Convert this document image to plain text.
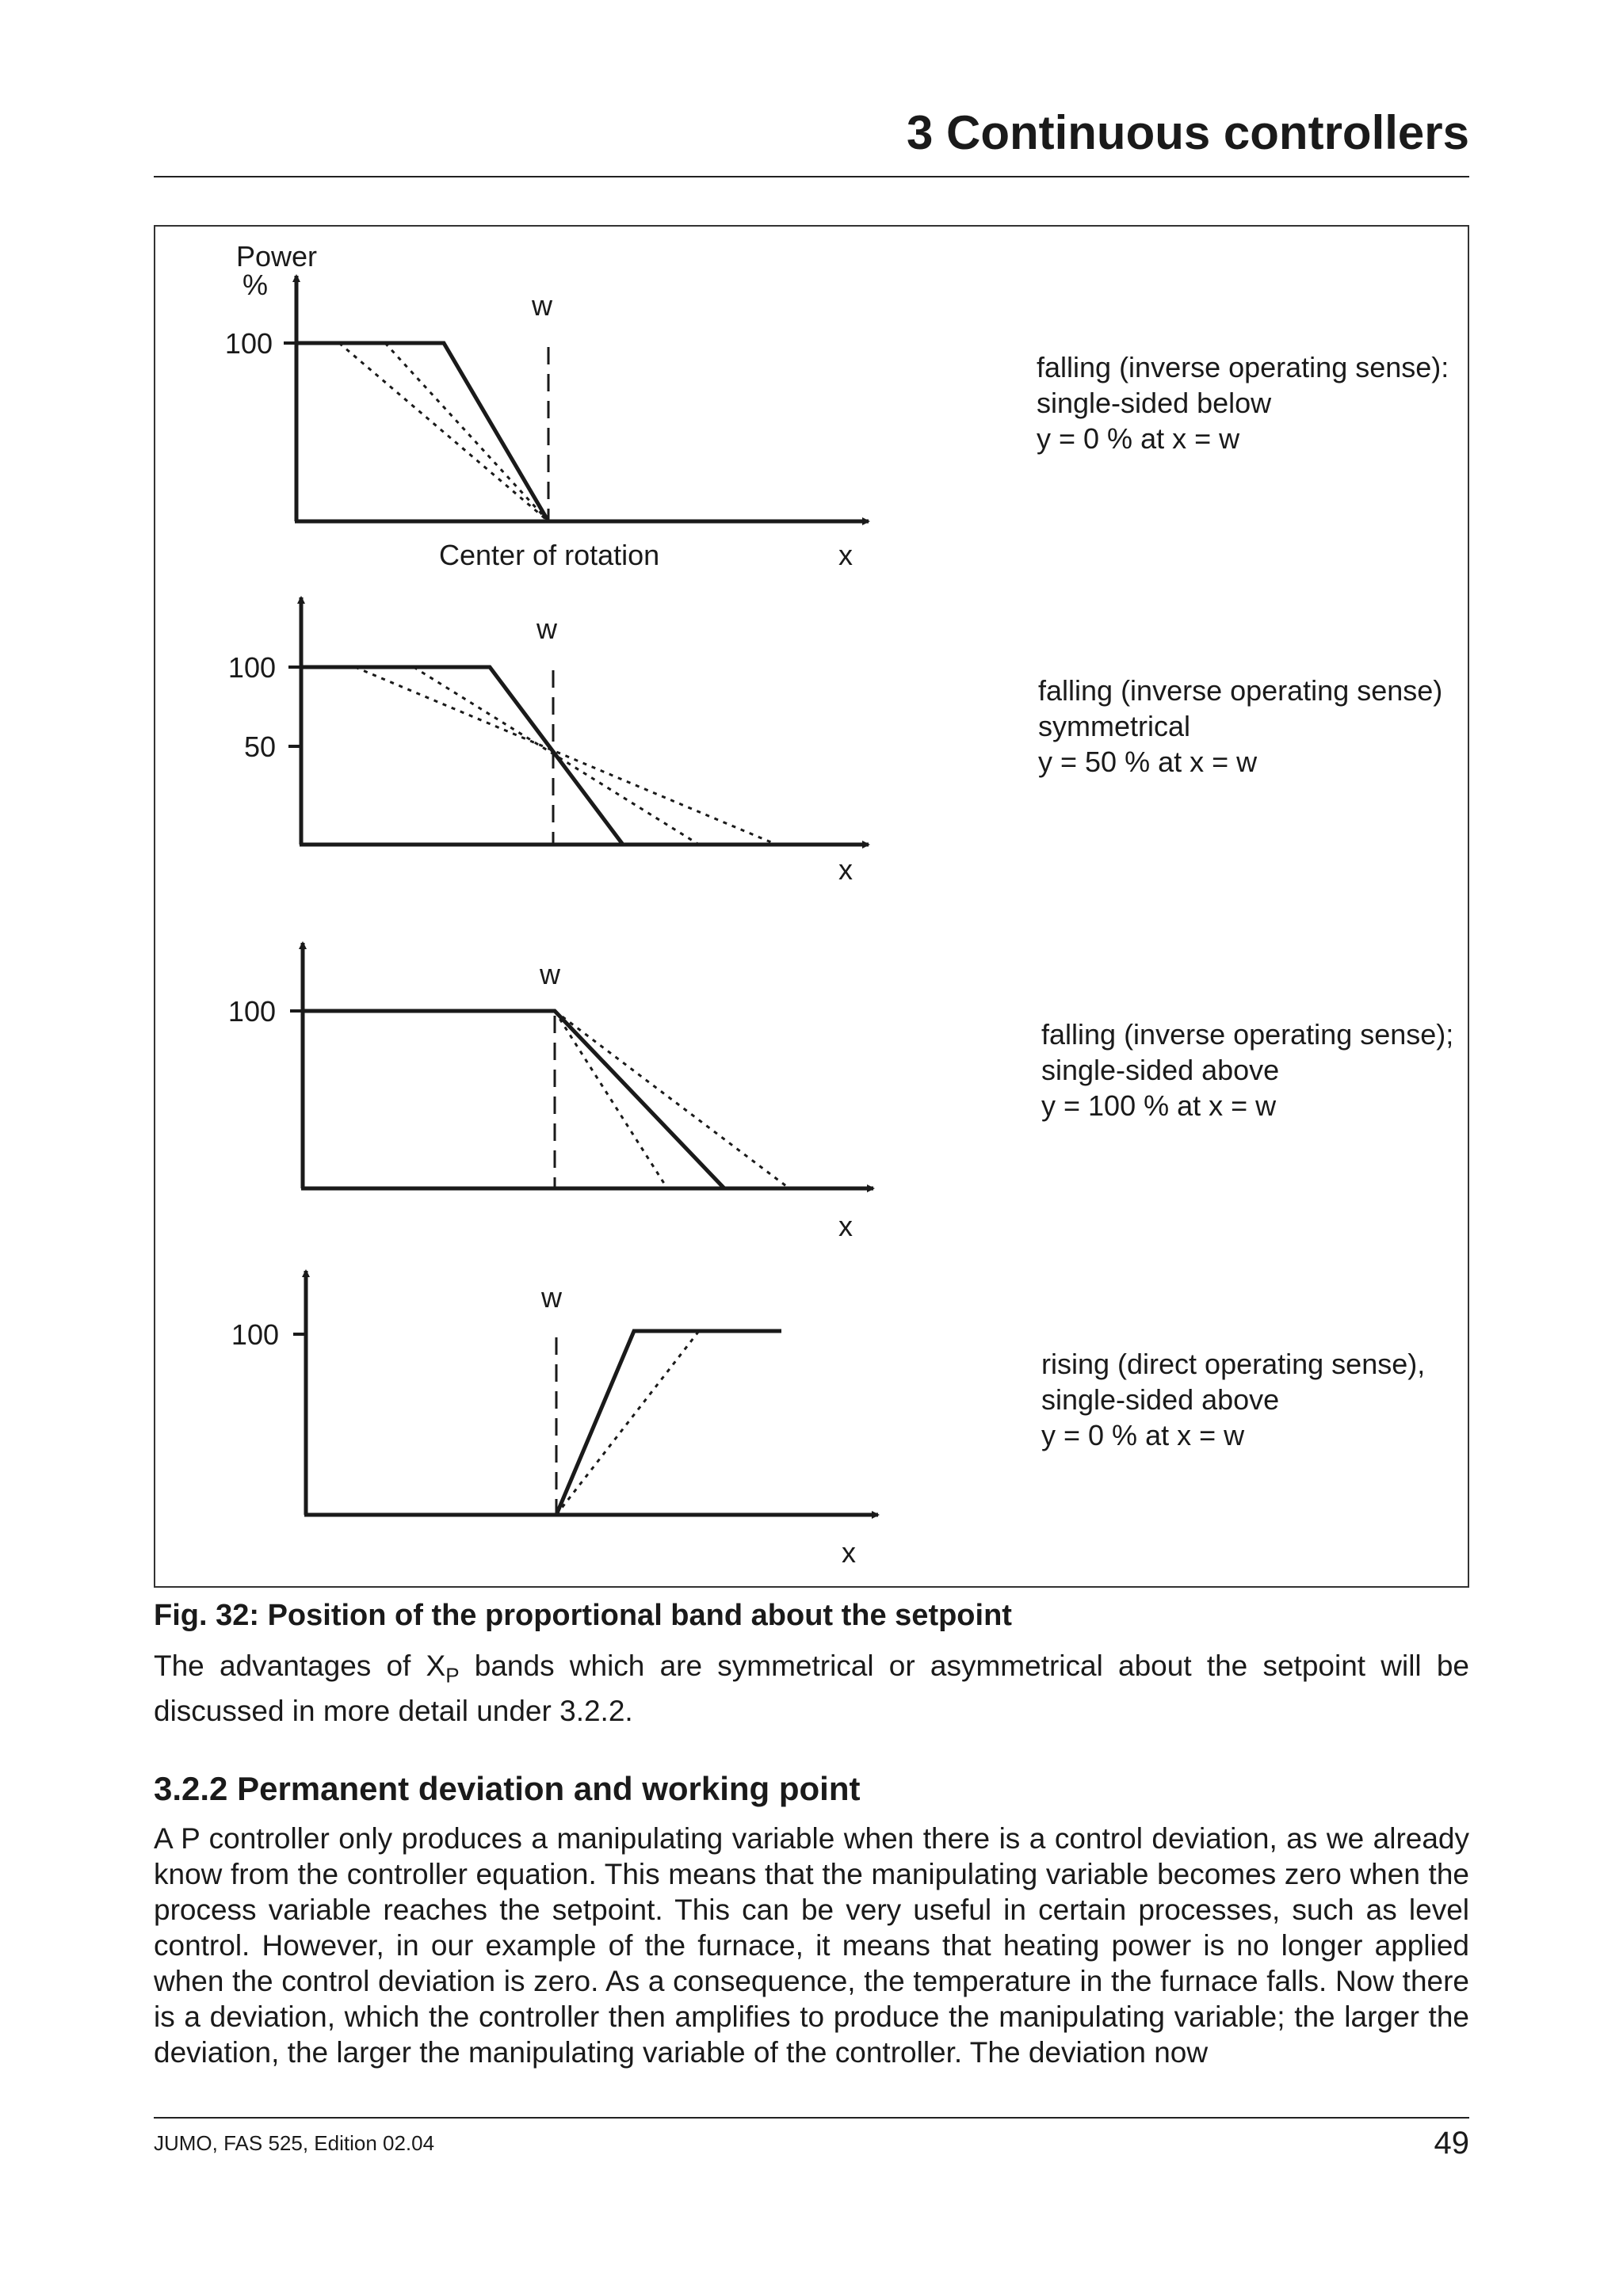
3 Continuous controllers
Power
%
100
w
Center of rotation	x
falling (inverse operating sense):
single-sided below
y = 0 % at x = w
100
50
w
x
falling (inverse operating sense)
symmetrical
y = 50 % at x = w
100
w
x
falling (inverse operating sense);
single-sided above
y = 100 % at x = w
100
w
x
rising (direct operating sense),
single-sided above
y = 0 % at x = w

Fig. 32: Position of the proportional band about the setpoint

The advantages of $X_P$ bands which are symmetrical or asymmetrical about the setpoint will be discussed in more detail under 3.2.2.

3.2.2 Permanent deviation and working point

A P controller only produces a manipulating variable when there is a control deviation, as we already know from the controller equation. This means that the manipulating variable becomes zero when the process variable reaches the setpoint. This can be very useful in certain processes, such as level control. However, in our example of the furnace, it means that heating power is no longer applied when the control deviation is zero. As a consequence, the temperature in the furnace falls. Now there is a deviation, which the controller then amplifies to produce the manipulating variable; the larger the deviation, the larger the manipulating variable of the controller. The deviation now

JUMO, FAS 525, Edition 02.04	49
